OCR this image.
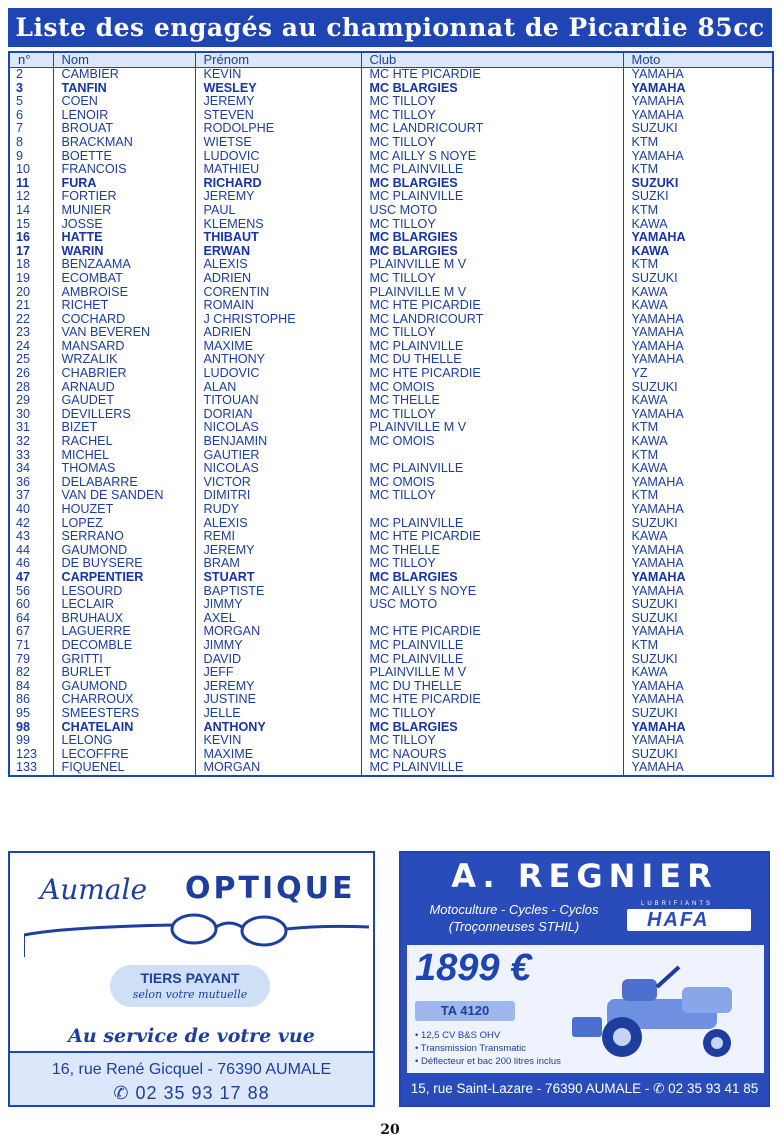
Liste des engagés au championnat de Picardie 85cc
n°	Nom	Prénom	Club	Moto
2	CAMBIER	KEVIN	MC HTE PICARDIE	YAMAHA
3	TANFIN	WESLEY	MC BLARGIES	YAMAHA
5	COEN	JEREMY	MC TILLOY	YAMAHA
6	LENOIR	STEVEN	MC TILLOY	YAMAHA
7	BROUAT	RODOLPHE	MC LANDRICOURT	SUZUKI
8	BRACKMAN	WIETSE	MC TILLOY	KTM
9	BOETTE	LUDOVIC	MC AILLY S NOYE	YAMAHA
10	FRANCOIS	MATHIEU	MC PLAINVILLE	KTM
11	FURA	RICHARD	MC BLARGIES	SUZUKI
12	FORTIER	JEREMY	MC PLAINVILLE	SUZKI
14	MUNIER	PAUL	USC MOTO	KTM
15	JOSSE	KLEMENS	MC TILLOY	KAWA
16	HATTE	THIBAUT	MC BLARGIES	YAMAHA
17	WARIN	ERWAN	MC BLARGIES	KAWA
18	BENZAAMA	ALEXIS	PLAINVILLE M V	KTM
19	ECOMBAT	ADRIEN	MC TILLOY	SUZUKI
20	AMBROISE	CORENTIN	PLAINVILLE M V	KAWA
21	RICHET	ROMAIN	MC HTE PICARDIE	KAWA
22	COCHARD	J CHRISTOPHE	MC LANDRICOURT	YAMAHA
23	VAN BEVEREN	ADRIEN	MC TILLOY	YAMAHA
24	MANSARD	MAXIME	MC PLAINVILLE	YAMAHA
25	WRZALIK	ANTHONY	MC DU THELLE	YAMAHA
26	CHABRIER	LUDOVIC	MC HTE PICARDIE	YZ
28	ARNAUD	ALAN	MC OMOIS	SUZUKI
29	GAUDET	TITOUAN	MC THELLE	KAWA
30	DEVILLERS	DORIAN	MC TILLOY	YAMAHA
31	BIZET	NICOLAS	PLAINVILLE M V	KTM
32	RACHEL	BENJAMIN	MC OMOIS	KAWA
33	MICHEL	GAUTIER		KTM
34	THOMAS	NICOLAS	MC PLAINVILLE	KAWA
36	DELABARRE	VICTOR	MC OMOIS	YAMAHA
37	VAN DE SANDEN	DIMITRI	MC TILLOY	KTM
40	HOUZET	RUDY		YAMAHA
42	LOPEZ	ALEXIS	MC PLAINVILLE	SUZUKI
43	SERRANO	REMI	MC HTE PICARDIE	KAWA
44	GAUMOND	JEREMY	MC THELLE	YAMAHA
46	DE BUYSERE	BRAM	MC TILLOY	YAMAHA
47	CARPENTIER	STUART	MC BLARGIES	YAMAHA
56	LESOURD	BAPTISTE	MC AILLY S NOYE	YAMAHA
60	LECLAIR	JIMMY	USC MOTO	SUZUKI
64	BRUHAUX	AXEL		SUZUKI
67	LAGUERRE	MORGAN	MC HTE PICARDIE	YAMAHA
71	DECOMBLE	JIMMY	MC PLAINVILLE	KTM
79	GRITTI	DAVID	MC PLAINVILLE	SUZUKI
82	BURLET	JEFF	PLAINVILLE M V	KAWA
84	GAUMOND	JEREMY	MC DU THELLE	YAMAHA
86	CHARROUX	JUSTINE	MC HTE PICARDIE	YAMAHA
95	SMEESTERS	JELLE	MC TILLOY	SUZUKI
98	CHATELAIN	ANTHONY	MC BLARGIES	YAMAHA
99	LELONG	KEVIN	MC TILLOY	YAMAHA
123	LECOFFRE	MAXIME	MC NAOURS	SUZUKI
133	FIQUENEL	MORGAN	MC PLAINVILLE	YAMAHA
Aumale OPTIQUE
TIERS PAYANT
selon votre mutuelle
Au service de votre vue
16, rue René Gicquel - 76390 AUMALE
✆ 02 35 93 17 88
A. REGNIER
Motoculture - Cycles - Cyclos
(Troçonneuses STHIL)
LUBRIFIANTS
HAFA
1899 €
TA 4120
• 12,5 CV B&S OHV
• Transmission Transmatic
• Déflecteur et bac 200 litres inclus
15, rue Saint-Lazare - 76390 AUMALE - ✆ 02 35 93 41 85
20
